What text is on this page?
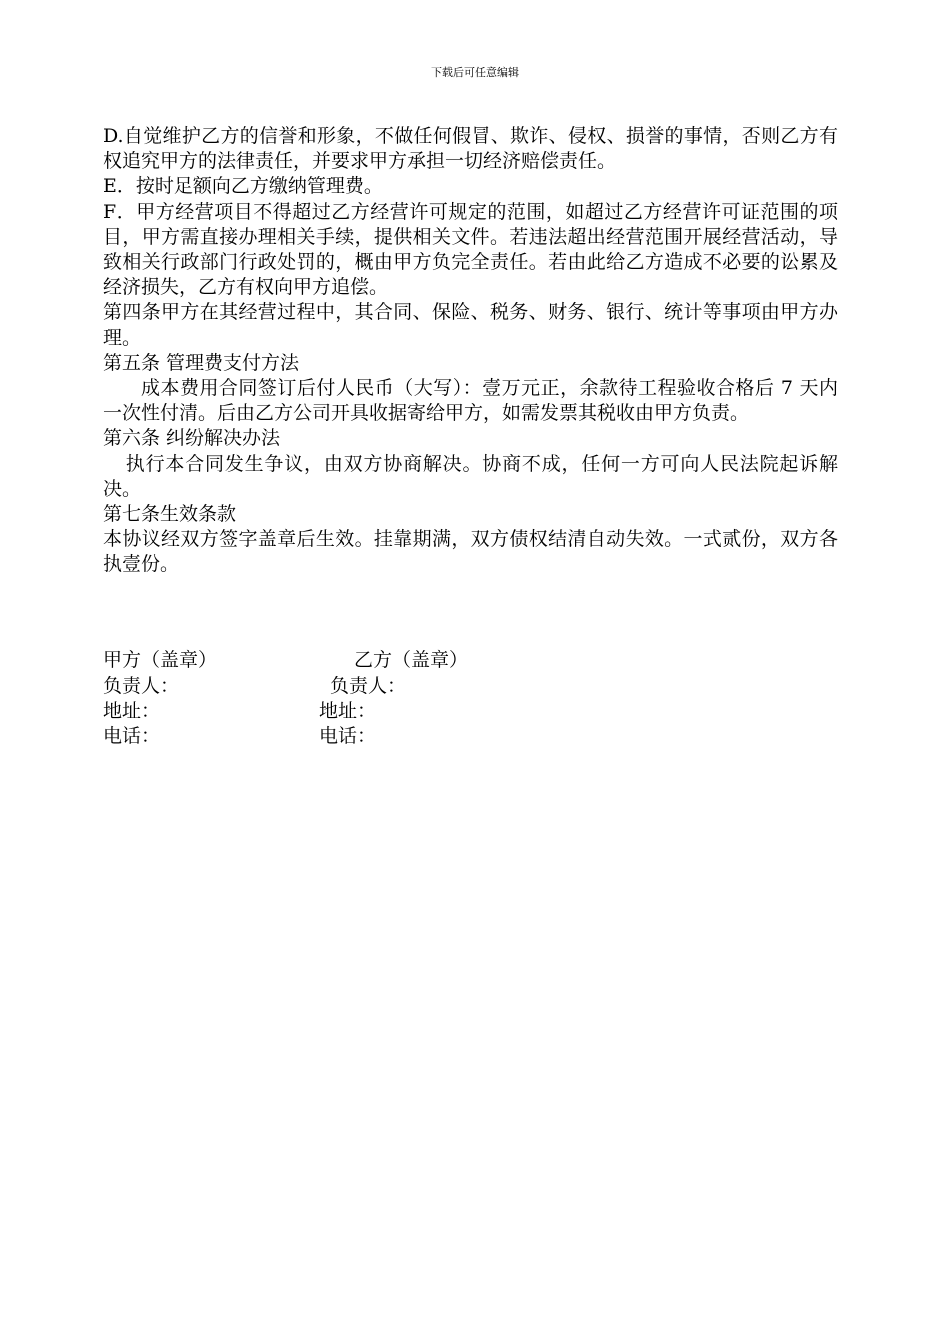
下载后可任意编辑

D.自觉维护乙方的信誉和形象，不做任何假冒、欺诈、侵权、损誉的事情，否则乙方有权追究甲方的法律责任，并要求甲方承担一切经济赔偿责任。

E．按时足额向乙方缴纳管理费。

F．甲方经营项目不得超过乙方经营许可规定的范围，如超过乙方经营许可证范围的项目，甲方需直接办理相关手续，提供相关文件。若违法超出经营范围开展经营活动，导致相关行政部门行政处罚的，概由甲方负完全责任。若由此给乙方造成不必要的讼累及经济损失，乙方有权向甲方追偿。

第四条甲方在其经营过程中，其合同、保险、税务、财务、银行、统计等事项由甲方办理。

第五条 管理费支付方法

成本费用合同签订后付人民币（大写）：壹万元正，余款待工程验收合格后 7 天内一次性付清。后由乙方公司开具收据寄给甲方，如需发票其税收由甲方负责。

第六条 纠纷解决办法

执行本合同发生争议，由双方协商解决。协商不成，任何一方可向人民法院起诉解决。

第七条生效条款

本协议经双方签字盖章后生效。挂靠期满，双方债权结清自动失效。一式贰份，双方各执壹份。

甲方（盖章）	乙方（盖章）
负责人：	负责人：
地址：	地址：
电话：	电话：
